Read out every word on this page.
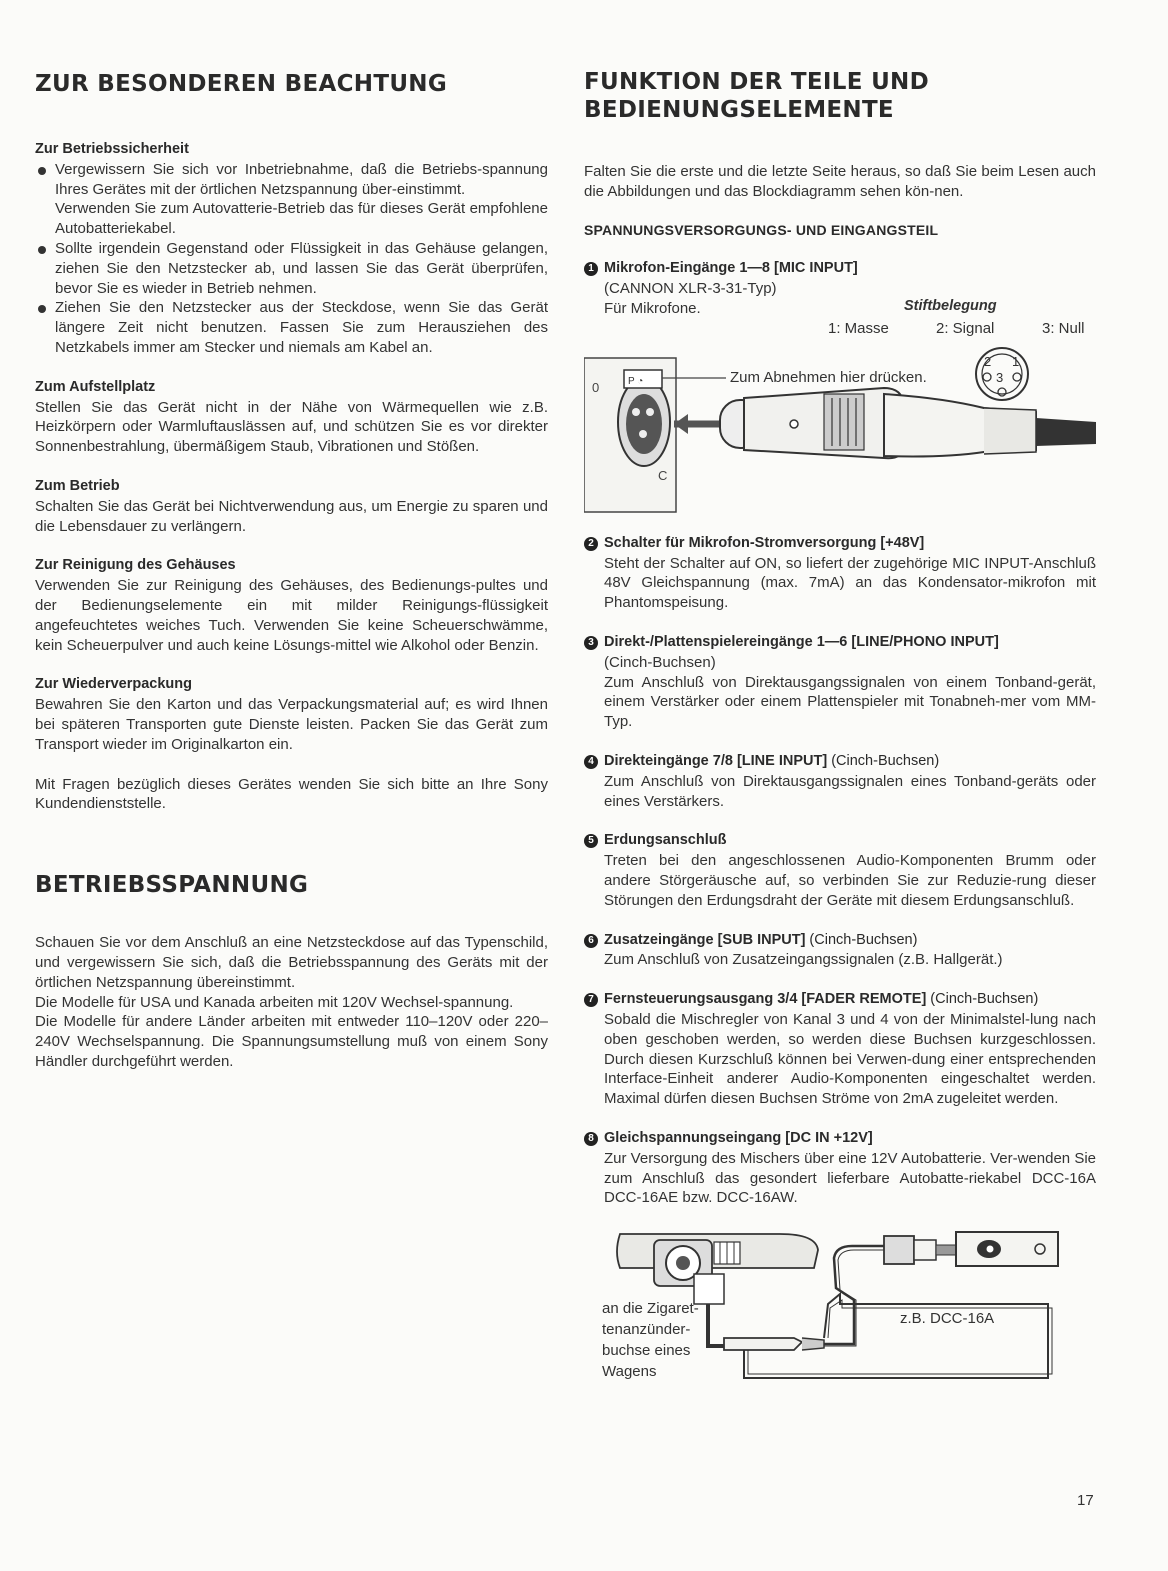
ZUR BESONDEREN BEACHTUNG
Zur Betriebssicherheit
Vergewissern Sie sich vor Inbetriebnahme, daß die Betriebs-spannung Ihres Gerätes mit der örtlichen Netzspannung über-einstimmt.
Verwenden Sie zum Autovatterie-Betrieb das für dieses Gerät empfohlene Autobatteriekabel.
Sollte irgendein Gegenstand oder Flüssigkeit in das Gehäuse gelangen, ziehen Sie den Netzstecker ab, und lassen Sie das Gerät überprüfen, bevor Sie es wieder in Betrieb nehmen.
Ziehen Sie den Netzstecker aus der Steckdose, wenn Sie das Gerät längere Zeit nicht benutzen. Fassen Sie zum Herausziehen des Netzkabels immer am Stecker und niemals am Kabel an.
Zum Aufstellplatz

Stellen Sie das Gerät nicht in der Nähe von Wärmequellen wie z.B. Heizkörpern oder Warmluftauslässen auf, und schützen Sie es vor direkter Sonnenbestrahlung, übermäßigem Staub, Vibrationen und Stößen.

Zum Betrieb

Schalten Sie das Gerät bei Nichtverwendung aus, um Energie zu sparen und die Lebensdauer zu verlängern.

Zur Reinigung des Gehäuses

Verwenden Sie zur Reinigung des Gehäuses, des Bedienungs-pultes und der Bedienungselemente ein mit milder Reinigungs-flüssigkeit angefeuchtetes weiches Tuch. Verwenden Sie keine Scheuerschwämme, kein Scheuerpulver und auch keine Lösungs-mittel wie Alkohol oder Benzin.

Zur Wiederverpackung

Bewahren Sie den Karton und das Verpackungsmaterial auf; es wird Ihnen bei späteren Transporten gute Dienste leisten. Packen Sie das Gerät zum Transport wieder im Originalkarton ein.

Mit Fragen bezüglich dieses Gerätes wenden Sie sich bitte an Ihre Sony Kundendienststelle.

BETRIEBSSPANNUNG

Schauen Sie vor dem Anschluß an eine Netzsteckdose auf das Typenschild, und vergewissern Sie sich, daß die Betriebsspannung des Geräts mit der örtlichen Netzspannung übereinstimmt.

Die Modelle für USA und Kanada arbeiten mit 120V Wechsel-spannung.

Die Modelle für andere Länder arbeiten mit entweder 110–120V oder 220–240V Wechselspannung. Die Spannungsumstellung muß von einem Sony Händler durchgeführt werden.

FUNKTION DER TEILE UND
BEDIENUNGSELEMENTE

Falten Sie die erste und die letzte Seite heraus, so daß Sie beim Lesen auch die Abbildungen und das Blockdiagramm sehen kön-nen.

SPANNUNGSVERSORGUNGS- UND EINGANGSTEIL
1 Mikrofon-Eingänge 1—8 [MIC INPUT]

(CANNON XLR-3-31-Typ)

Für Mikrofone.	Stiftbelegung
1: Masse	2: Signal	3: Null
0
C
P ◔	Zum Abnehmen hier drücken.
2 1
3
2 Schalter für Mikrofon-Stromversorgung [+48V]

Steht der Schalter auf ON, so liefert der zugehörige MIC INPUT-Anschluß 48V Gleichspannung (max. 7mA) an das Kondensator-mikrofon mit Phantomspeisung.

3 Direkt-/Plattenspielereingänge 1—6 [LINE/PHONO INPUT]

(Cinch-Buchsen)

Zum Anschluß von Direktausgangssignalen von einem Tonband-gerät, einem Verstärker oder einem Plattenspieler mit Tonabneh-mer vom MM-Typ.

4 Direkteingänge 7/8 [LINE INPUT] (Cinch-Buchsen)

Zum Anschluß von Direktausgangssignalen eines Tonband-geräts oder eines Verstärkers.

5 Erdungsanschluß

Treten bei den angeschlossenen Audio-Komponenten Brumm oder andere Störgeräusche auf, so verbinden Sie zur Reduzie-rung dieser Störungen den Erdungsdraht der Geräte mit diesem Erdungsanschluß.

6 Zusatzeingänge [SUB INPUT] (Cinch-Buchsen)

Zum Anschluß von Zusatzeingangssignalen (z.B. Hallgerät.)

7 Fernsteuerungsausgang 3/4 [FADER REMOTE] (Cinch-Buchsen)

Sobald die Mischregler von Kanal 3 und 4 von der Minimalstel-lung nach oben geschoben werden, so werden diese Buchsen kurzgeschlossen. Durch diesen Kurzschluß können bei Verwen-dung einer entsprechenden Interface-Einheit anderer Audio-Komponenten eingeschaltet werden. Maximal dürfen diesen Buchsen Ströme von 2mA zugeleitet werden.

8 Gleichspannungseingang [DC IN +12V]

Zur Versorgung des Mischers über eine 12V Autobatterie. Ver-wenden Sie zum Anschluß das gesondert lieferbare Autobatte-riekabel DCC-16A DCC-16AE bzw. DCC-16AW.

an die Zigaret-
tenanzünder-
buchse eines
Wagens
z.B. DCC-16A
17
